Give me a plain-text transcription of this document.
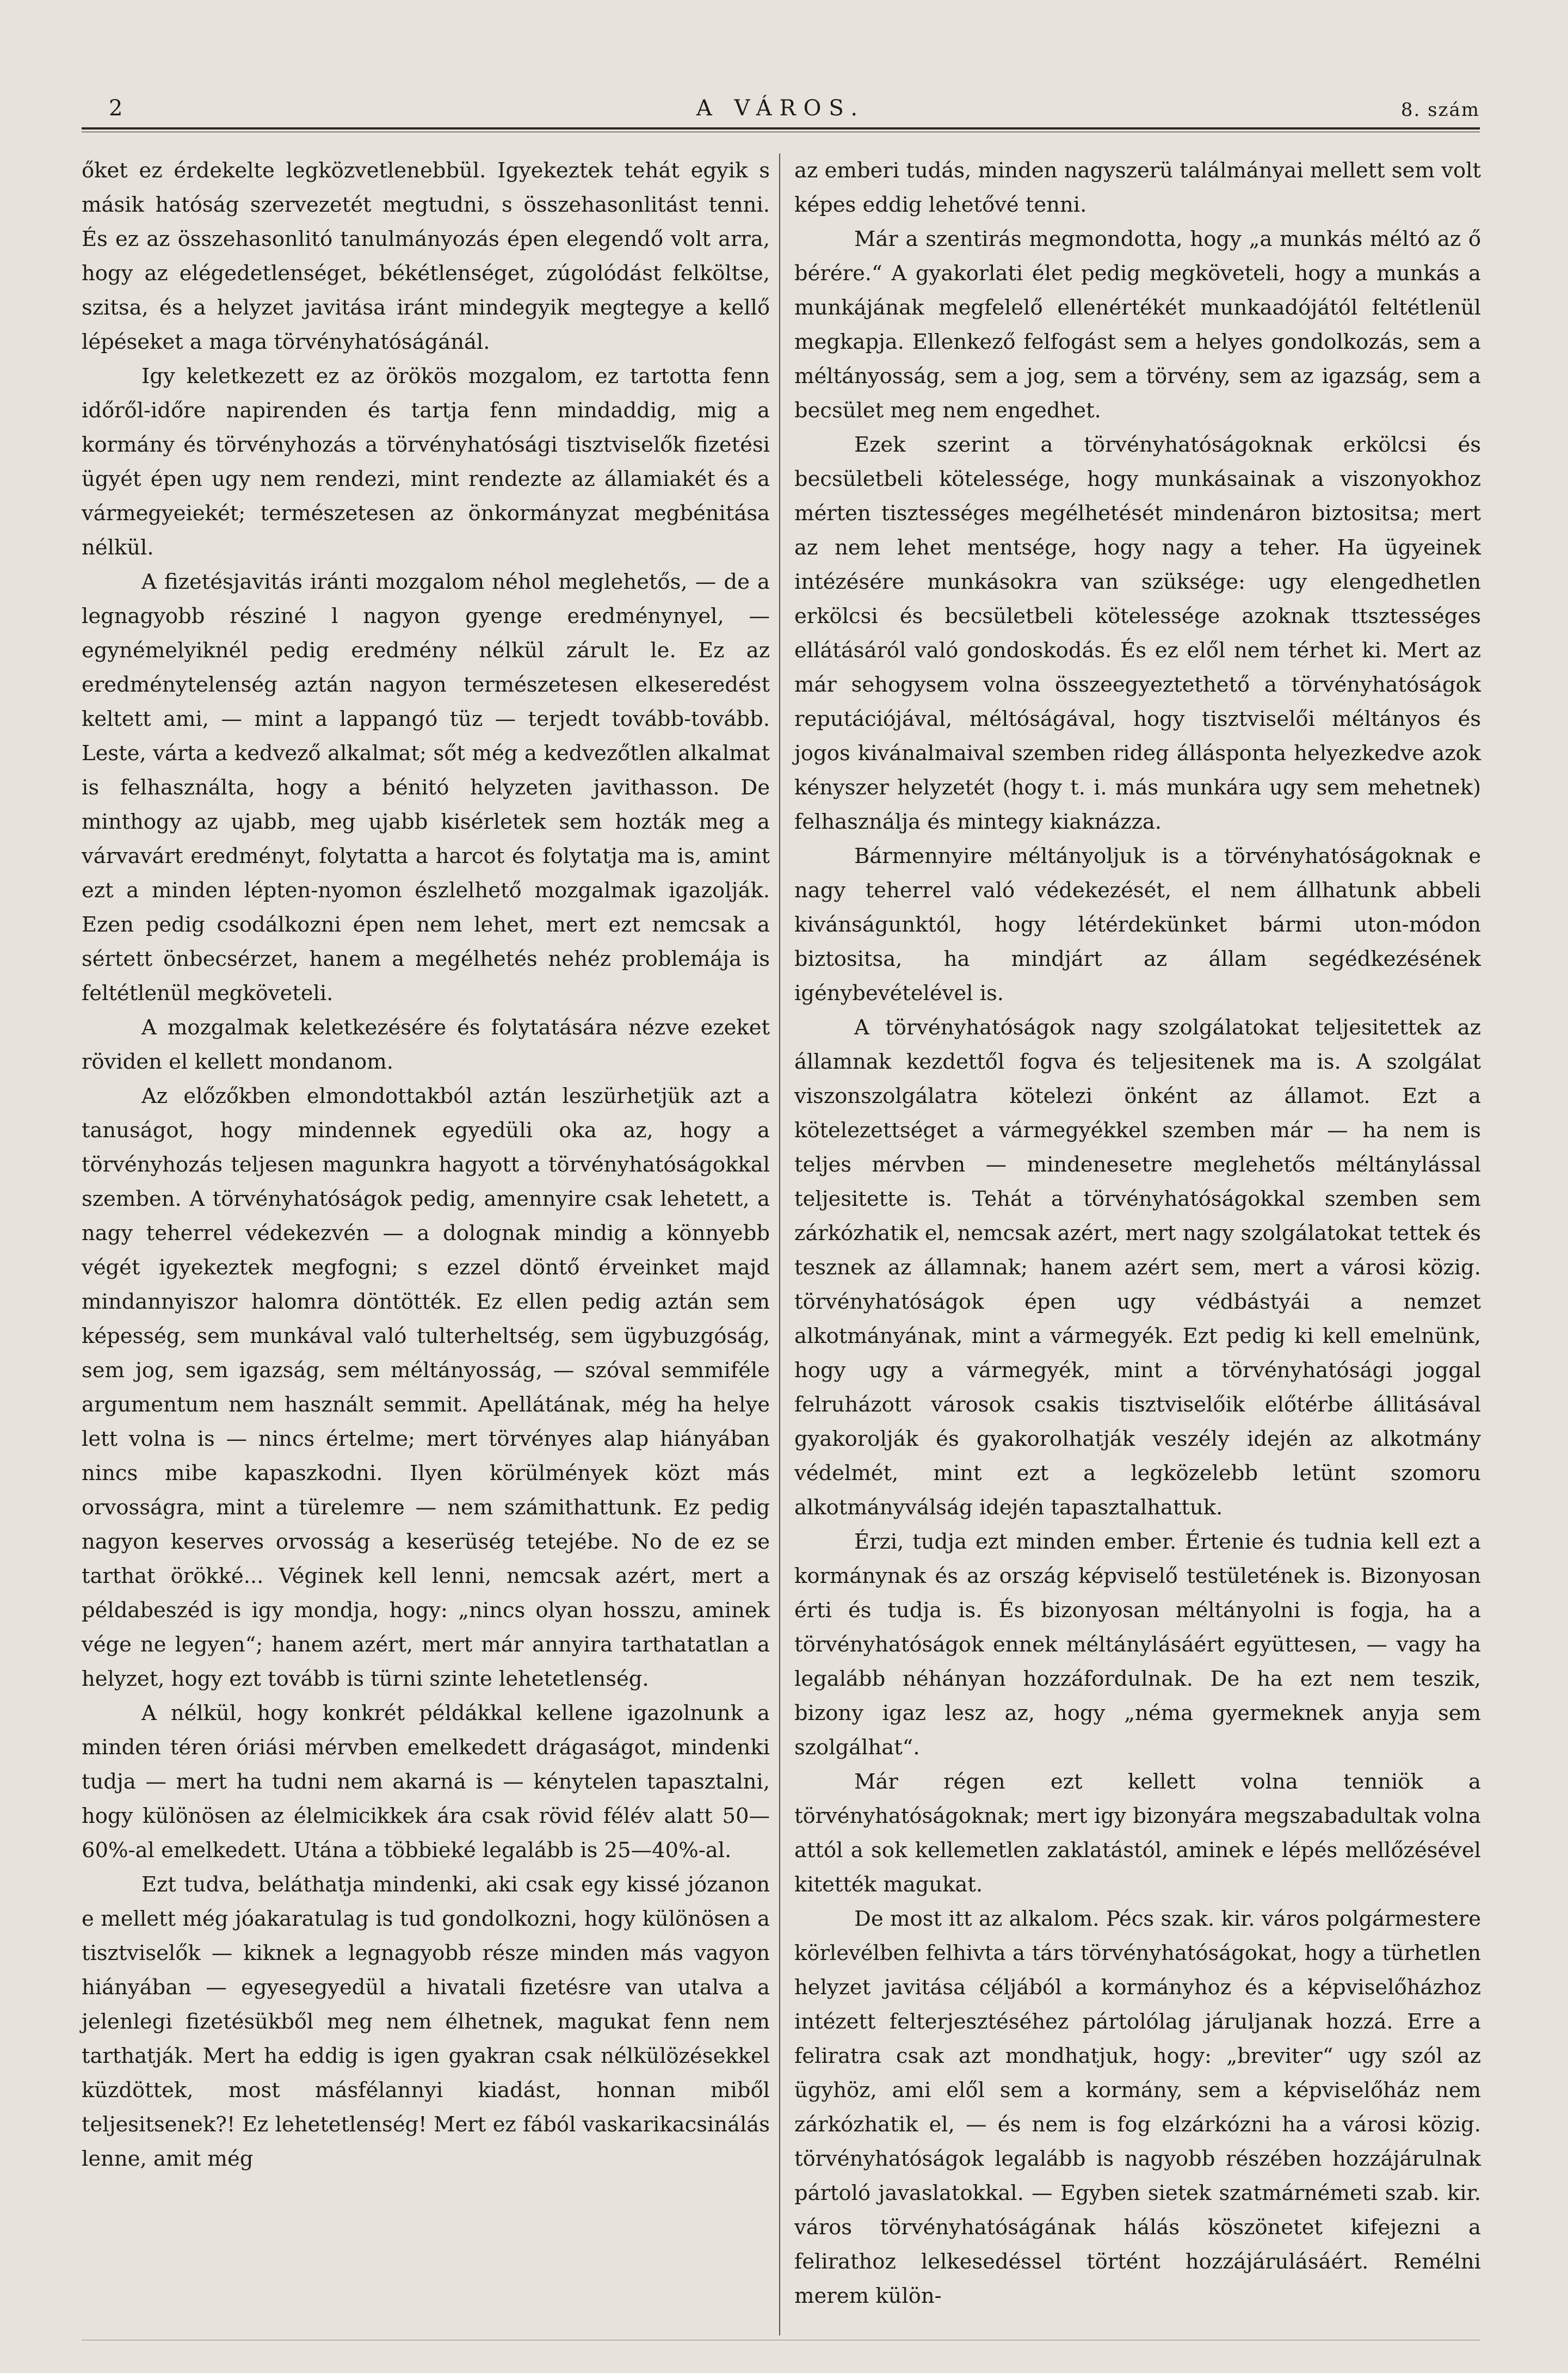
2	A VÁROS.	8. szám

őket ez érdekelte legközvetlenebbül. Igyekeztek tehát egyik s másik hatóság szervezetét megtudni, s összehasonlitást tenni. És ez az összehasonlitó tanulmányozás épen elegendő volt arra, hogy az elégedetlenséget, békétlenséget, zúgolódást felköltse, szitsa, és a helyzet javitása iránt mindegyik megtegye a kellő lépéseket a maga törvényhatóságánál.

Igy keletkezett ez az örökös mozgalom, ez tartotta fenn időről-időre napirenden és tartja fenn mindaddig, mig a kormány és törvényhozás a törvényhatósági tisztviselők fizetési ügyét épen ugy nem rendezi, mint rendezte az államiakét és a vármegyeiekét; természetesen az önkormányzat megbénitása nélkül.

A fizetésjavitás iránti mozgalom néhol meglehetős, — de a legnagyobb résziné l nagyon gyenge eredménynyel, — egynémelyiknél pedig eredmény nélkül zárult le. Ez az eredménytelenség aztán nagyon természetesen elkeseredést keltett ami, — mint a lappangó tüz — terjedt tovább-tovább. Leste, várta a kedvező alkalmat; sőt még a kedvezőtlen alkalmat is felhasználta, hogy a bénitó helyzeten javithasson. De minthogy az ujabb, meg ujabb kisérletek sem hozták meg a várvavárt eredményt, folytatta a harcot és folytatja ma is, amint ezt a minden lépten-nyomon észlelhető mozgalmak igazolják. Ezen pedig csodálkozni épen nem lehet, mert ezt nemcsak a sértett önbecsérzet, hanem a megélhetés nehéz problemája is feltétlenül megköveteli.

A mozgalmak keletkezésére és folytatására nézve ezeket röviden el kellett mondanom.

Az előzőkben elmondottakból aztán leszürhetjük azt a tanuságot, hogy mindennek egyedüli oka az, hogy a törvényhozás teljesen magunkra hagyott a törvényhatóságokkal szemben. A törvényhatóságok pedig, amennyire csak lehetett, a nagy teherrel védekezvén — a dolognak mindig a könnyebb végét igyekeztek megfogni; s ezzel döntő érveinket majd mindannyiszor halomra döntötték. Ez ellen pedig aztán sem képesség, sem munkával való tulterheltség, sem ügybuzgóság, sem jog, sem igazság, sem méltányosság, — szóval semmiféle argumentum nem használt semmit. Apellátának, még ha helye lett volna is — nincs értelme; mert törvényes alap hiányában nincs mibe kapaszkodni. Ilyen körülmények közt más orvosságra, mint a türelemre — nem számithattunk. Ez pedig nagyon keserves orvosság a keserüség tetejébe. No de ez se tarthat örökké... Véginek kell lenni, nemcsak azért, mert a példabeszéd is igy mondja, hogy: „nincs olyan hosszu, aminek vége ne legyen“; hanem azért, mert már annyira tarthatatlan a helyzet, hogy ezt tovább is türni szinte lehetetlenség.

A nélkül, hogy konkrét példákkal kellene igazolnunk a minden téren óriási mérvben emelkedett drágaságot, mindenki tudja — mert ha tudni nem akarná is — kénytelen tapasztalni, hogy különösen az élelmicikkek ára csak rövid félév alatt 50—60%-al emelkedett. Utána a többieké legalább is 25—40%-al.

Ezt tudva, beláthatja mindenki, aki csak egy kissé józanon e mellett még jóakaratulag is tud gondolkozni, hogy különösen a tisztviselők — kiknek a legnagyobb része minden más vagyon hiányában — egyesegyedül a hivatali fizetésre van utalva a jelenlegi fizetésükből meg nem élhetnek, magukat fenn nem tarthatják. Mert ha eddig is igen gyakran csak nélkülözésekkel küzdöttek, most másfélannyi kiadást, honnan miből teljesitsenek?! Ez lehetetlenség! Mert ez fából vaskarikacsinálás lenne, amit még

az emberi tudás, minden nagyszerü találmányai mellett sem volt képes eddig lehetővé tenni.

Már a szentirás megmondotta, hogy „a munkás méltó az ő bérére.“ A gyakorlati élet pedig megköveteli, hogy a munkás a munkájának megfelelő ellenértékét munkaadójától feltétlenül megkapja. Ellenkező felfogást sem a helyes gondolkozás, sem a méltányosság, sem a jog, sem a törvény, sem az igazság, sem a becsület meg nem engedhet.

Ezek szerint a törvényhatóságoknak erkölcsi és becsületbeli kötelessége, hogy munkásainak a viszonyokhoz mérten tisztességes megélhetését mindenáron biztositsa; mert az nem lehet mentsége, hogy nagy a teher. Ha ügyeinek intézésére munkásokra van szüksége: ugy elengedhetlen erkölcsi és becsületbeli kötelessége azoknak ttsztességes ellátásáról való gondoskodás. És ez elől nem térhet ki. Mert az már sehogysem volna összeegyeztethető a törvényhatóságok reputációjával, méltóságával, hogy tisztviselői méltányos és jogos kivánalmaival szemben rideg állásponta helyezkedve azok kényszer helyzetét (hogy t. i. más munkára ugy sem mehetnek) felhasználja és mintegy kiaknázza.

Bármennyire méltányoljuk is a törvényhatóságoknak e nagy teherrel való védekezését, el nem állhatunk abbeli kivánságunktól, hogy létérdekünket bármi uton-módon biztositsa, ha mindjárt az állam segédkezésének igénybevételével is.

A törvényhatóságok nagy szolgálatokat teljesitettek az államnak kezdettől fogva és teljesitenek ma is. A szolgálat viszonszolgálatra kötelezi önként az államot. Ezt a kötelezettséget a vármegyékkel szemben már — ha nem is teljes mérvben — mindenesetre meglehetős méltánylással teljesitette is. Tehát a törvényhatóságokkal szemben sem zárkózhatik el, nemcsak azért, mert nagy szolgálatokat tettek és tesznek az államnak; hanem azért sem, mert a városi közig. törvényhatóságok épen ugy védbástyái a nemzet alkotmányának, mint a vármegyék. Ezt pedig ki kell emelnünk, hogy ugy a vármegyék, mint a törvényhatósági joggal felruházott városok csakis tisztviselőik előtérbe állitásával gyakorolják és gyakorolhatják veszély idején az alkotmány védelmét, mint ezt a legközelebb letünt szomoru alkotmányválság idején tapasztalhattuk.

Érzi, tudja ezt minden ember. Értenie és tudnia kell ezt a kormánynak és az ország képviselő testületének is. Bizonyosan érti és tudja is. És bizonyosan méltányolni is fogja, ha a törvényhatóságok ennek méltánylásáért együttesen, — vagy ha legalább néhányan hozzáfordulnak. De ha ezt nem teszik, bizony igaz lesz az, hogy „néma gyermeknek anyja sem szolgálhat“.

Már régen ezt kellett volna tenniök a törvényhatóságoknak; mert igy bizonyára megszabadultak volna attól a sok kellemetlen zaklatástól, aminek e lépés mellőzésével kitették magukat.

De most itt az alkalom. Pécs szak. kir. város polgármestere körlevélben felhivta a társ törvényhatóságokat, hogy a türhetlen helyzet javitása céljából a kormányhoz és a képviselőházhoz intézett felterjesztéséhez pártolólag járuljanak hozzá. Erre a feliratra csak azt mondhatjuk, hogy: „breviter“ ugy szól az ügyhöz, ami elől sem a kormány, sem a képviselőház nem zárkózhatik el, — és nem is fog elzárkózni ha a városi közig. törvényhatóságok legalább is nagyobb részében hozzájárulnak pártoló javaslatokkal. — Egyben sietek szatmárnémeti szab. kir. város törvényhatóságának hálás köszönetet kifejezni a felirathoz lelkesedéssel történt hozzájárulásáért. Remélni merem külön-
